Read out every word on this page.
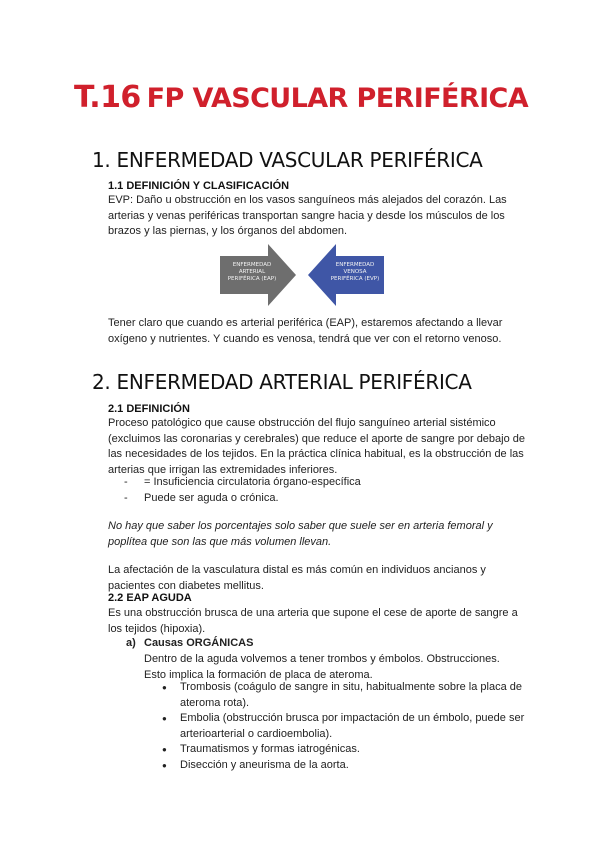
T.16 FP VASCULAR PERIFÉRICA
1. ENFERMEDAD VASCULAR PERIFÉRICA
1.1 DEFINICIÓN Y CLASIFICACIÓN

EVP: Daño u obstrucción en los vasos sanguíneos más alejados del corazón. Las arterias y venas periféricas transportan sangre hacia y desde los músculos de los brazos y las piernas, y los órganos del abdomen.

ENFERMEDAD ARTERIAL PERIFÉRICA (EAP)
ENFERMEDAD VENOSA PERIFÉRICA (EVP)

Tener claro que cuando es arterial periférica (EAP), estaremos afectando a llevar oxígeno y nutrientes. Y cuando es venosa, tendrá que ver con el retorno venoso.

2. ENFERMEDAD ARTERIAL PERIFÉRICA
2.1 DEFINICIÓN

Proceso patológico que cause obstrucción del flujo sanguíneo arterial sistémico (excluimos las coronarias y cerebrales) que reduce el aporte de sangre por debajo de las necesidades de los tejidos. En la práctica clínica habitual, es la obstrucción de las arterias que irrigan las extremidades inferiores.

- = Insuficiencia circulatoria órgano-específica
- Puede ser aguda o crónica.

No hay que saber los porcentajes solo saber que suele ser en arteria femoral y poplítea que son las que más volumen llevan.

La afectación de la vasculatura distal es más común en individuos ancianos y pacientes con diabetes mellitus.

2.2 EAP AGUDA

Es una obstrucción brusca de una arteria que supone el cese de aporte de sangre a los tejidos (hipoxia).

a) Causas ORGÁNICAS

Dentro de la aguda volvemos a tener trombos y émbolos. Obstrucciones. Esto implica la formación de placa de ateroma.

● Trombosis (coágulo de sangre in situ, habitualmente sobre la placa de ateroma rota).
● Embolia (obstrucción brusca por impactación de un émbolo, puede ser arterioarterial o cardioembolia).
● Traumatismos y formas iatrogénicas.
● Disección y aneurisma de la aorta.
